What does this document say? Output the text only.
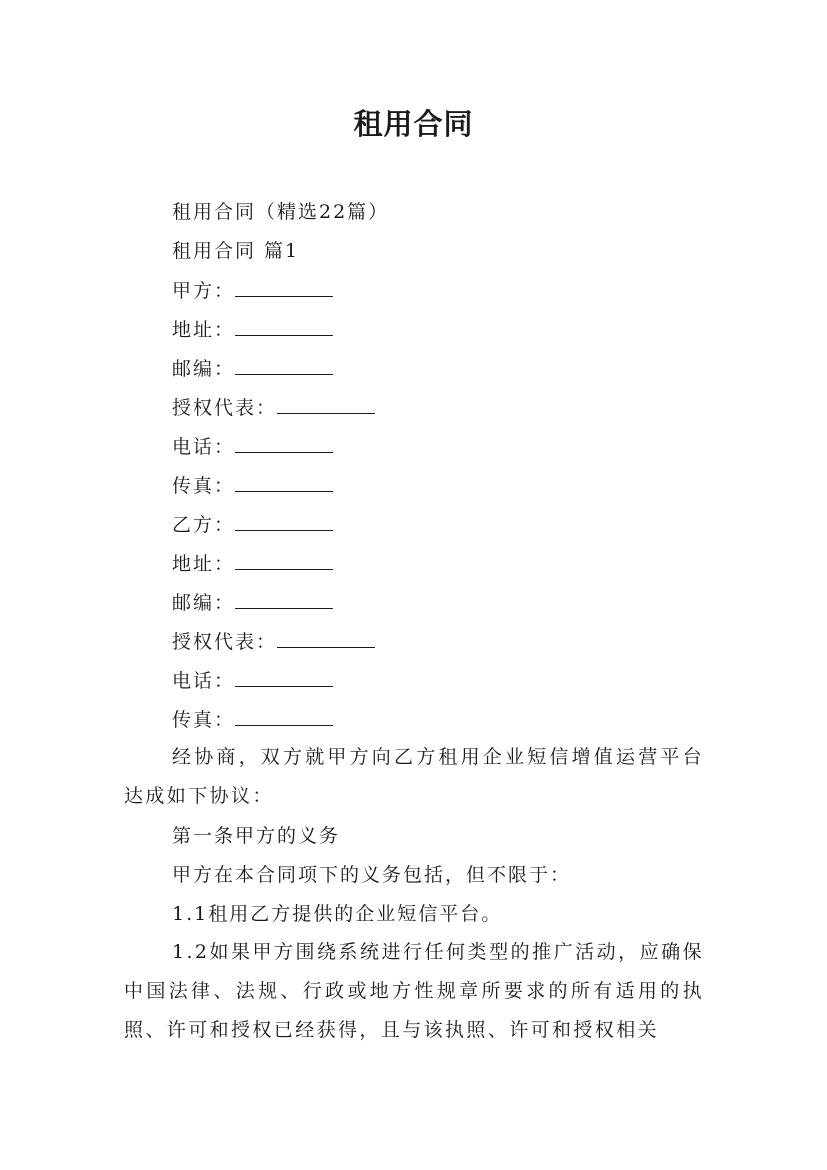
租用合同
租用合同（精选22篇）
租用合同 篇1
甲方：
地址：
邮编：
授权代表：
电话：
传真：
乙方：
地址：
邮编：
授权代表：
电话：
传真：
经协商，双方就甲方向乙方租用企业短信增值运营平台达成如下协议：
第一条甲方的义务
甲方在本合同项下的义务包括，但不限于：
1.1租用乙方提供的企业短信平台。
1.2如果甲方围绕系统进行任何类型的推广活动，应确保中国法律、法规、行政或地方性规章所要求的所有适用的执照、许可和授权已经获得，且与该执照、许可和授权相关
